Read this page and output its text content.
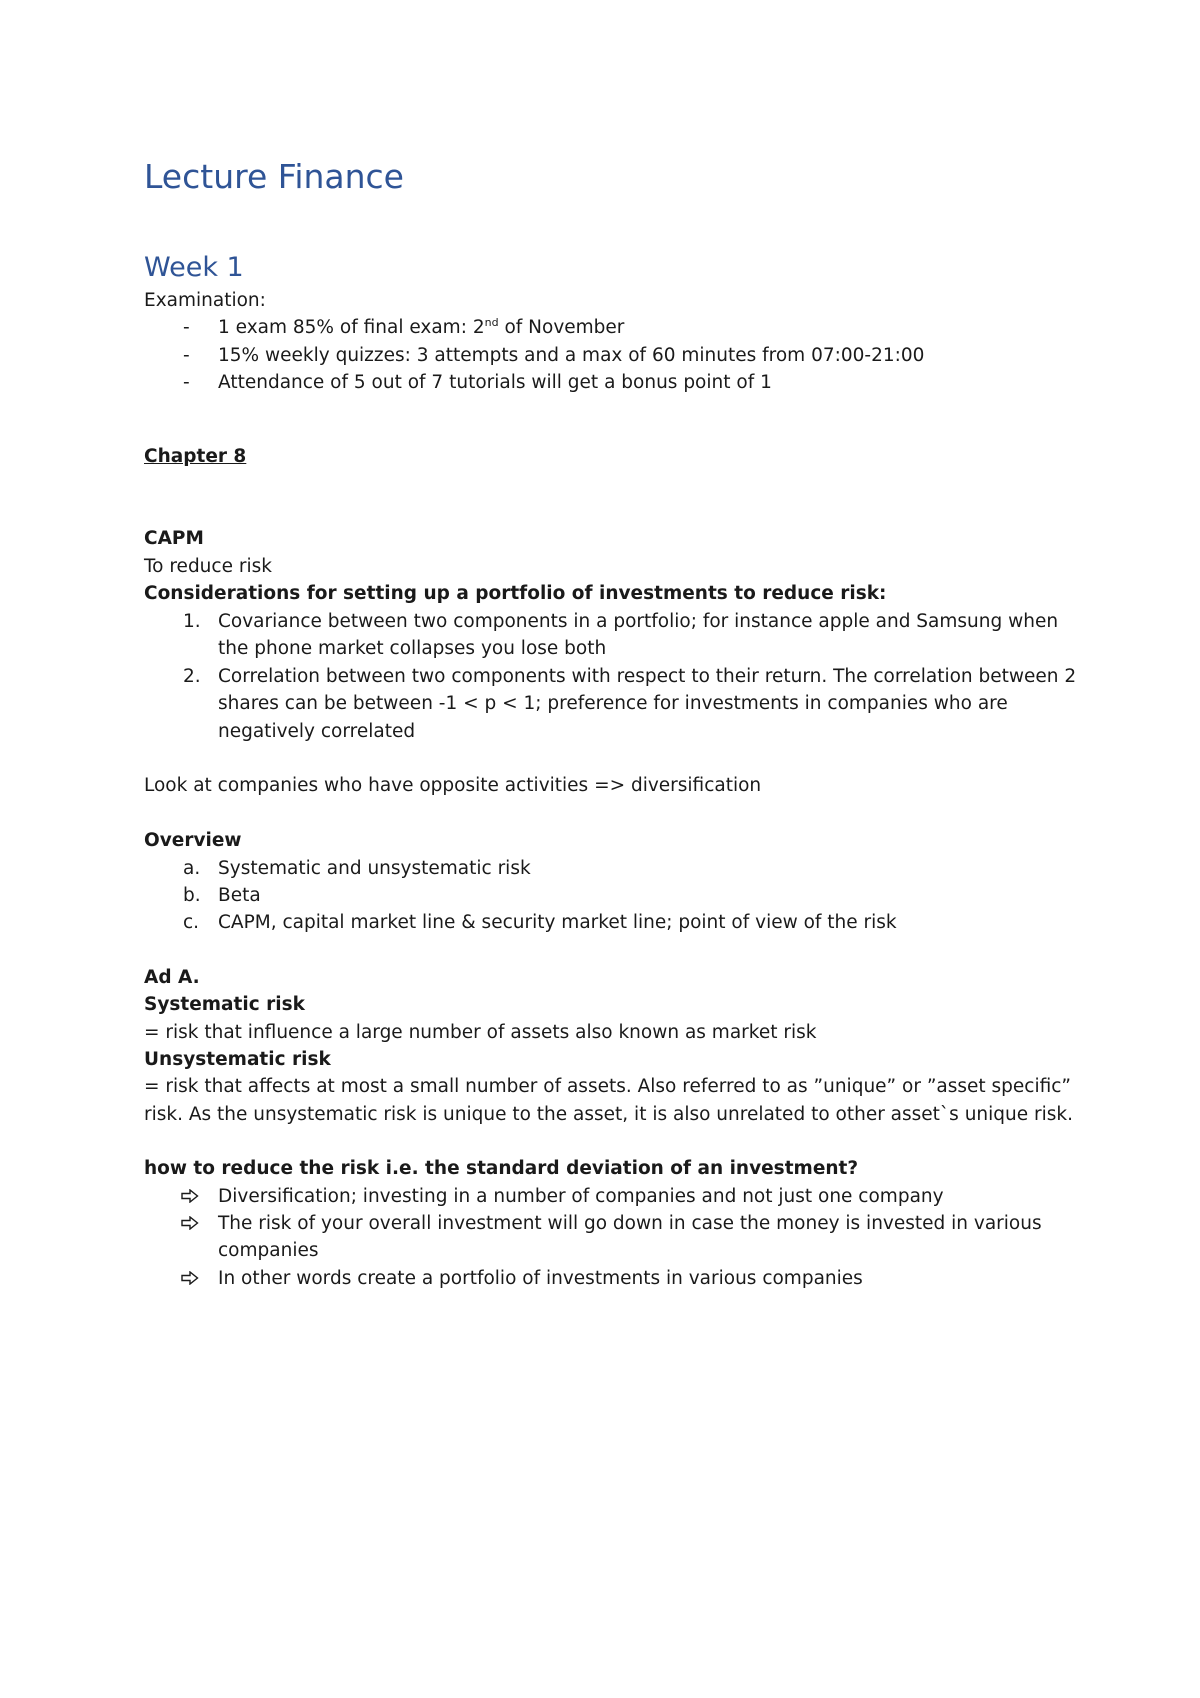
Lecture Finance
Week 1

Examination:

- 1 exam 85% of final exam: 2nd of November

- 15% weekly quizzes: 3 attempts and a max of 60 minutes from 07:00-21:00

- Attendance of 5 out of 7 tutorials will get a bonus point of 1

Chapter 8

CAPM

To reduce risk

Considerations for setting up a portfolio of investments to reduce risk:

1. Covariance between two components in a portfolio; for instance apple and Samsung when

the phone market collapses you lose both

2. Correlation between two components with respect to their return. The correlation between 2

shares can be between -1 < p < 1; preference for investments in companies who are

negatively correlated

Look at companies who have opposite activities => diversification

Overview

a. Systematic and unsystematic risk

b. Beta

c.	CAPM, capital market line & security market line; point of view of the risk

Ad A.

Systematic risk

= risk that influence a large number of assets also known as market risk

Unsystematic risk

= risk that affects at most a small number of assets. Also referred to as ”unique” or ”asset specific”

risk. As the unsystematic risk is unique to the asset, it is also unrelated to other asset`s unique risk.

how to reduce the risk i.e. the standard deviation of an investment?

Diversification; investing in a number of companies and not just one company

The risk of your overall investment will go down in case the money is invested in various

companies

In other words create a portfolio of investments in various companies
